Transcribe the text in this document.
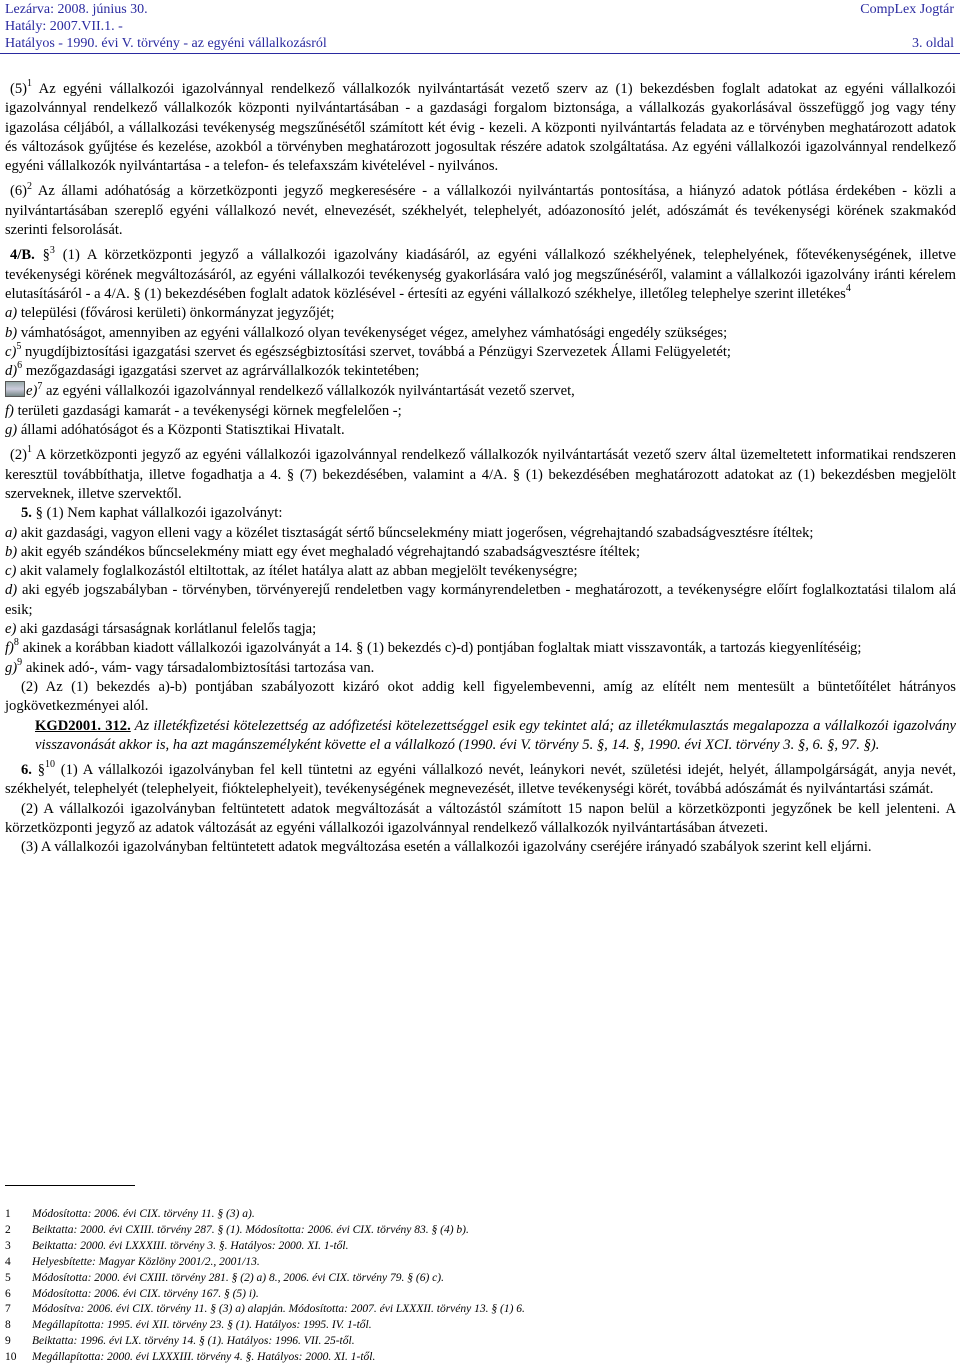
Lezárva: 2008. június 30.
Hatály: 2007.VII.1. -
Hatályos - 1990. évi V. törvény - az egyéni vállalkozásról
CompLex Jogtár
3. oldal

$(5)^1$ Az egyéni vállalkozói igazolvánnyal rendelkező vállalkozók nyilvántartását vezető szerv az (1) bekezdésben foglalt adatokat az egyéni vállalkozói igazolvánnyal rendelkező vállalkozók központi nyilvántartásában - a gazdasági forgalom biztonsága, a vállalkozás gyakorlásával összefüggő jog vagy tény igazolása céljából, a vállalkozási tevékenység megszűnésétől számított két évig - kezeli. A központi nyilvántartás feladata az e törvényben meghatározott adatok és változások gyűjtése és kezelése, azokból a törvényben meghatározott jogosultak részére adatok szolgáltatása. Az egyéni vállalkozói igazolvánnyal rendelkező egyéni vállalkozók nyilvántartása - a telefon- és telefaxszám kivételével - nyilvános.

$(6)^2$ Az állami adóhatóság a körzetközponti jegyző megkeresésére - a vállalkozói nyilvántartás pontosítása, a hiányzó adatok pótlása érdekében - közli a nyilvántartásában szereplő egyéni vállalkozó nevét, elnevezését, székhelyét, telephelyét, adóazonosító jelét, adószámát és tevékenységi körének szakmakód szerinti felsorolását.

4/B. §$^3$ (1) A körzetközponti jegyző a vállalkozói igazolvány kiadásáról, az egyéni vállalkozó székhelyének, telephelyének, főtevékenységének, illetve tevékenységi körének megváltozásáról, az egyéni vállalkozói tevékenység gyakorlására való jog megszűnéséről, valamint a vállalkozói igazolvány iránti kérelem elutasításáról - a 4/A. § (1) bekezdésében foglalt adatok közlésével - értesíti az egyéni vállalkozó székhelye, illetőleg telephelye szerint illetékes$^4$

a) települési (fővárosi kerületi) önkormányzat jegyzőjét;

b) vámhatóságot, amennyiben az egyéni vállalkozó olyan tevékenységet végez, amelyhez vámhatósági engedély szükséges;

c)$^5$ nyugdíjbiztosítási igazgatási szervet és egészségbiztosítási szervet, továbbá a Pénzügyi Szervezetek Állami Felügyeletét;

d)$^6$ mezőgazdasági igazgatási szervet az agrárvállalkozók tekintetében;

e)$^7$ az egyéni vállalkozói igazolvánnyal rendelkező vállalkozók nyilvántartását vezető szervet,

f) területi gazdasági kamarát - a tevékenységi körnek megfelelően -;

g) állami adóhatóságot és a Központi Statisztikai Hivatalt.

$(2)^1$ A körzetközponti jegyző az egyéni vállalkozói igazolvánnyal rendelkező vállalkozók nyilvántartását vezető szerv által üzemeltetett informatikai rendszeren keresztül továbbíthatja, illetve fogadhatja a 4. § (7) bekezdésében, valamint a 4/A. § (1) bekezdésében meghatározott adatokat az (1) bekezdésben megjelölt szerveknek, illetve szervektől.

5. § (1) Nem kaphat vállalkozói igazolványt:

a) akit gazdasági, vagyon elleni vagy a közélet tisztaságát sértő bűncselekmény miatt jogerősen, végrehajtandó szabadságvesztésre ítéltek;

b) akit egyéb szándékos bűncselekmény miatt egy évet meghaladó végrehajtandó szabadságvesztésre ítéltek;

c) akit valamely foglalkozástól eltiltottak, az ítélet hatálya alatt az abban megjelölt tevékenységre;

d) aki egyéb jogszabályban - törvényben, törvényerejű rendeletben vagy kormányrendeletben - meghatározott, a tevékenységre előírt foglalkoztatási tilalom alá esik;

e) aki gazdasági társaságnak korlátlanul felelős tagja;

f)$^8$ akinek a korábban kiadott vállalkozói igazolványát a 14. § (1) bekezdés c)-d) pontjában foglaltak miatt visszavonták, a tartozás kiegyenlítéséig;

g)$^9$ akinek adó-, vám- vagy társadalombiztosítási tartozása van.

(2) Az (1) bekezdés a)-b) pontjában szabályozott kizáró okot addig kell figyelembevenni, amíg az elítélt nem mentesült a büntetőítélet hátrányos jogkövetkezményei alól.

KGD2001. 312. Az illetékfizetési kötelezettség az adófizetési kötelezettséggel esik egy tekintet alá; az illetékmulasztás megalapozza a vállalkozói igazolvány visszavonását akkor is, ha azt magánszemélyként követte el a vállalkozó (1990. évi V. törvény 5. §, 14. §, 1990. évi XCI. törvény 3. §, 6. §, 97. §).

6. §$^{10}$ (1) A vállalkozói igazolványban fel kell tüntetni az egyéni vállalkozó nevét, leánykori nevét, születési idejét, helyét, állampolgárságát, anyja nevét, székhelyét, telephelyét (telephelyeit, fióktelephelyeit), tevékenységének megnevezését, illetve tevékenységi körét, továbbá adószámát és nyilvántartási számát.

(2) A vállalkozói igazolványban feltüntetett adatok megváltozását a változástól számított 15 napon belül a körzetközponti jegyzőnek be kell jelenteni. A körzetközponti jegyző az adatok változását az egyéni vállalkozói igazolvánnyal rendelkező vállalkozók nyilvántartásában átvezeti.

(3) A vállalkozói igazolványban feltüntetett adatok megváltozása esetén a vállalkozói igazolvány cseréjére irányadó szabályok szerint kell eljárni.

1 Módosította: 2006. évi CIX. törvény 11. § (3) a).
2 Beiktatta: 2000. évi CXIII. törvény 287. § (1). Módosította: 2006. évi CIX. törvény 83. § (4) b).
3 Beiktatta: 2000. évi LXXXIII. törvény 3. §. Hatályos: 2000. XI. 1-től.
4 Helyesbítette: Magyar Közlöny 2001/2., 2001/13.
5 Módosította: 2000. évi CXIII. törvény 281. § (2) a) 8., 2006. évi CIX. törvény 79. § (6) c).
6 Módosította: 2006. évi CIX. törvény 167. § (5) i).
7 Módosítva: 2006. évi CIX. törvény 11. § (3) a) alapján. Módosította: 2007. évi LXXXII. törvény 13. § (1) 6.
8 Megállapította: 1995. évi XII. törvény 23. § (1). Hatályos: 1995. IV. 1-től.
9 Beiktatta: 1996. évi LX. törvény 14. § (1). Hatályos: 1996. VII. 25-től.
10 Megállapította: 2000. évi LXXXIII. törvény 4. §. Hatályos: 2000. XI. 1-től.
